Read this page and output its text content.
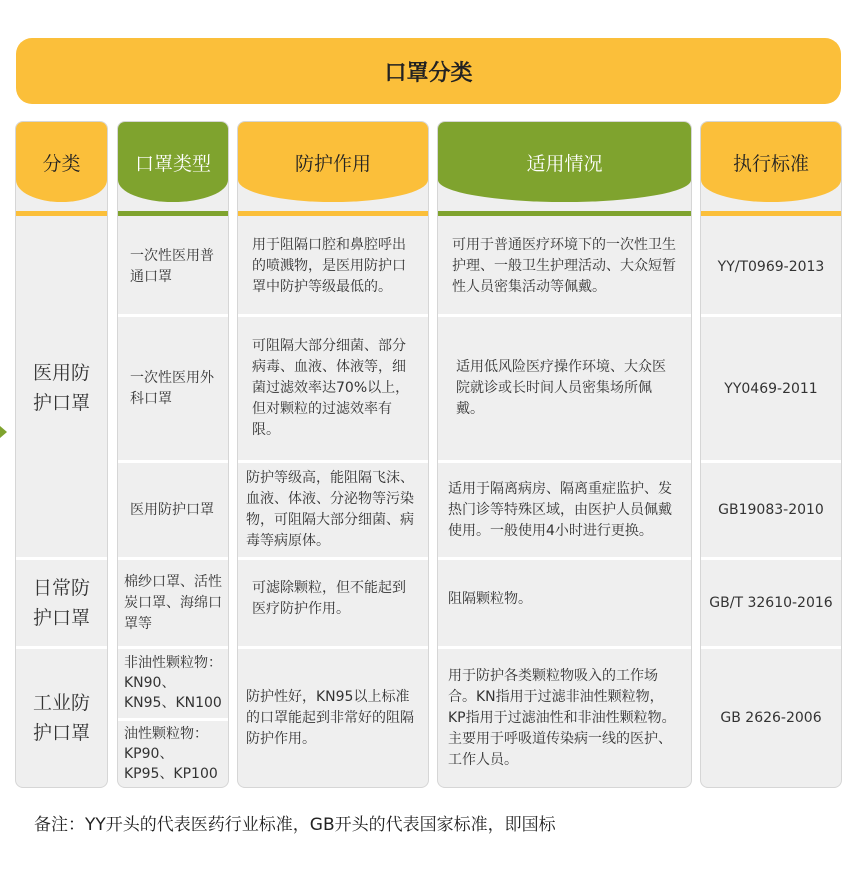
口罩分类
分类
医用防护口罩
日常防护口罩
工业防护口罩
口罩类型
一次性医用普通口罩
一次性医用外科口罩
医用防护口罩
棉纱口罩、活性炭口罩、海绵口罩等
非油性颗粒物：KN90、KN95、KN100
油性颗粒物：KP90、KP95、KP100
防护作用
用于阻隔口腔和鼻腔呼出的喷溅物，是医用防护口罩中防护等级最低的。
可阻隔大部分细菌、部分病毒、血液、体液等，细菌过滤效率达70%以上，但对颗粒的过滤效率有限。
防护等级高，能阻隔飞沫、血液、体液、分泌物等污染物，可阻隔大部分细菌、病毒等病原体。
可滤除颗粒，但不能起到医疗防护作用。
防护性好，KN95以上标准的口罩能起到非常好的阻隔防护作用。
适用情况
可用于普通医疗环境下的一次性卫生护理、一般卫生护理活动、大众短暂性人员密集活动等佩戴。
适用低风险医疗操作环境、大众医院就诊或长时间人员密集场所佩戴。
适用于隔离病房、隔离重症监护、发热门诊等特殊区域，由医护人员佩戴使用。一般使用4小时进行更换。
阻隔颗粒物。
用于防护各类颗粒物吸入的工作场合。KN指用于过滤非油性颗粒物，KP指用于过滤油性和非油性颗粒物。主要用于呼吸道传染病一线的医护、工作人员。
执行标准
YY/T0969-2013
YY0469-2011
GB19083-2010
GB/T 32610-2016
GB 2626-2006
备注：YY开头的代表医药行业标准，GB开头的代表国家标准，即国标
